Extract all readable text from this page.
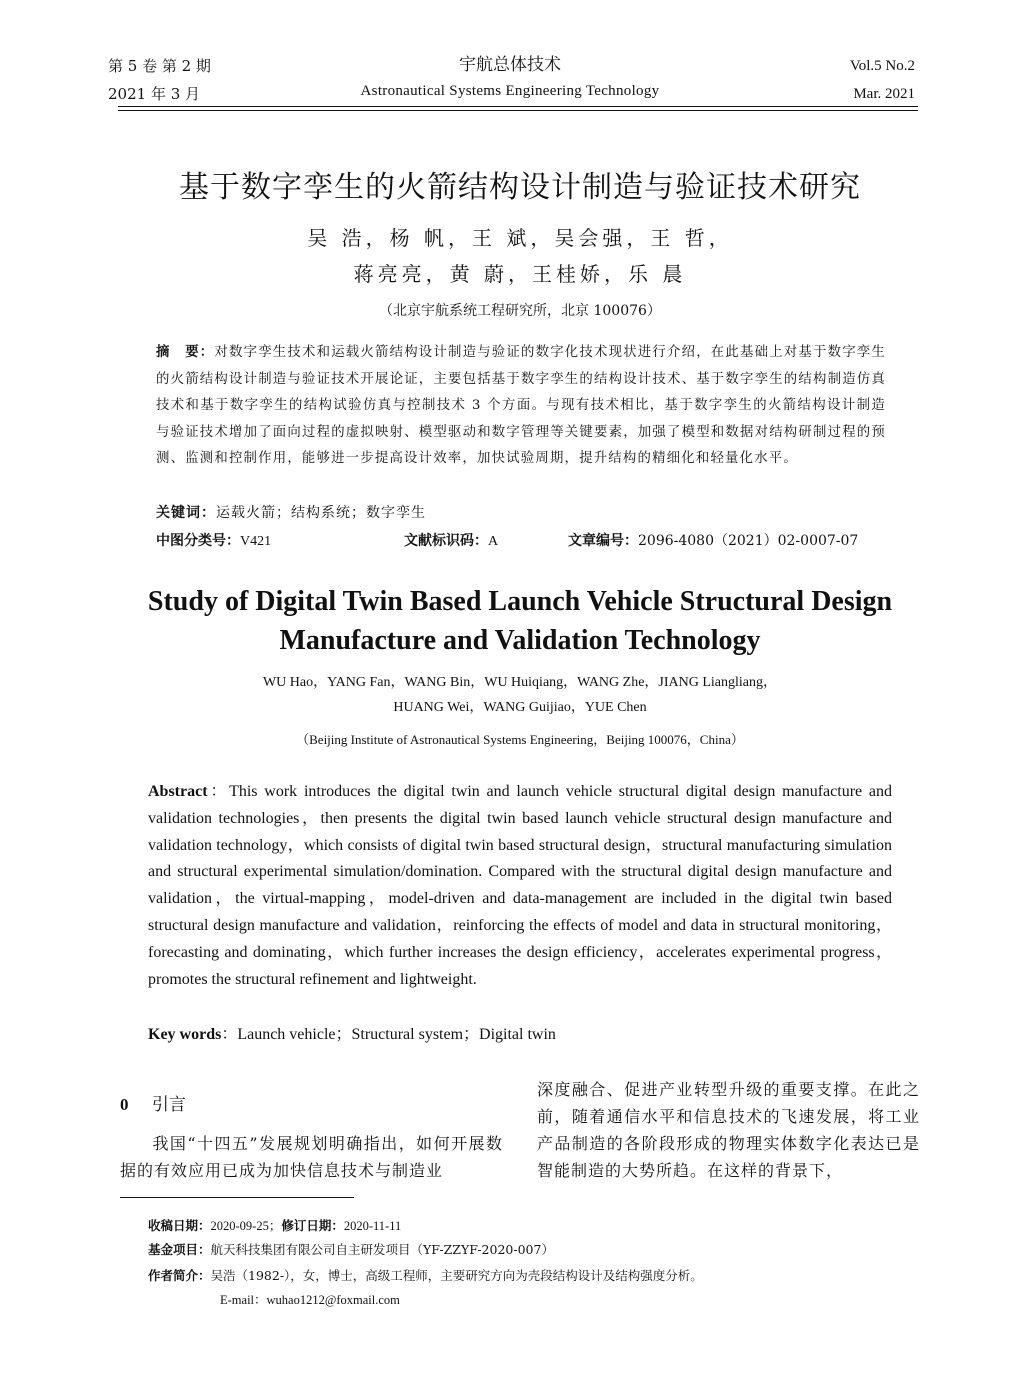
第 5 卷 第 2 期
2021 年 3 月
宇航总体技术
Astronautical Systems Engineering Technology
Vol.5 No.2
Mar. 2021
基于数字孪生的火箭结构设计制造与验证技术研究
吴 浩，杨 帆，王 斌，吴会强，王 哲，
蒋亮亮，黄 蔚，王桂娇，乐 晨
（北京宇航系统工程研究所，北京 100076）
摘　要：对数字孪生技术和运载火箭结构设计制造与验证的数字化技术现状进行介绍，在此基础上对基于数字孪生的火箭结构设计制造与验证技术开展论证，主要包括基于数字孪生的结构设计技术、基于数字孪生的结构制造仿真技术和基于数字孪生的结构试验仿真与控制技术 3 个方面。与现有技术相比，基于数字孪生的火箭结构设计制造与验证技术增加了面向过程的虚拟映射、模型驱动和数字管理等关键要素，加强了模型和数据对结构研制过程的预测、监测和控制作用，能够进一步提高设计效率，加快试验周期，提升结构的精细化和轻量化水平。
关键词：运载火箭；结构系统；数字孪生
中图分类号：V421	文献标识码：A	文章编号：2096-4080（2021）02-0007-07
Study of Digital Twin Based Launch Vehicle Structural Design
Manufacture and Validation Technology
WU Hao，YANG Fan，WANG Bin，WU Huiqiang，WANG Zhe，JIANG Liangliang，
HUANG Wei，WANG Guijiao，YUE Chen
（Beijing Institute of Astronautical Systems Engineering，Beijing 100076，China）
Abstract：This work introduces the digital twin and launch vehicle structural digital design manufacture and validation technologies，then presents the digital twin based launch vehicle structural design manufacture and validation technology，which consists of digital twin based structural design，structural manufacturing simulation and structural experimental simulation/domination. Compared with the structural digital design manufacture and validation，the virtual-mapping，model-driven and data-management are included in the digital twin based structural design manufacture and validation，reinforcing the effects of model and data in structural monitoring，forecasting and dominating，which further increases the design efficiency，accelerates experimental progress，promotes the structural refinement and lightweight.
Key words：Launch vehicle；Structural system；Digital twin
0 引言
我国“十四五”发展规划明确指出，如何开展数据的有效应用已成为加快信息技术与制造业
深度融合、促进产业转型升级的重要支撑。在此之前，随着通信水平和信息技术的飞速发展，将工业产品制造的各阶段形成的物理实体数字化表达已是智能制造的大势所趋。在这样的背景下，
收稿日期：2020-09-25；修订日期：2020-11-11
基金项目：航天科技集团有限公司自主研发项目（YF-ZZYF-2020-007）
作者简介：吴浩（1982-），女，博士，高级工程师，主要研究方向为壳段结构设计及结构强度分析。
E-mail：wuhao1212@foxmail.com
